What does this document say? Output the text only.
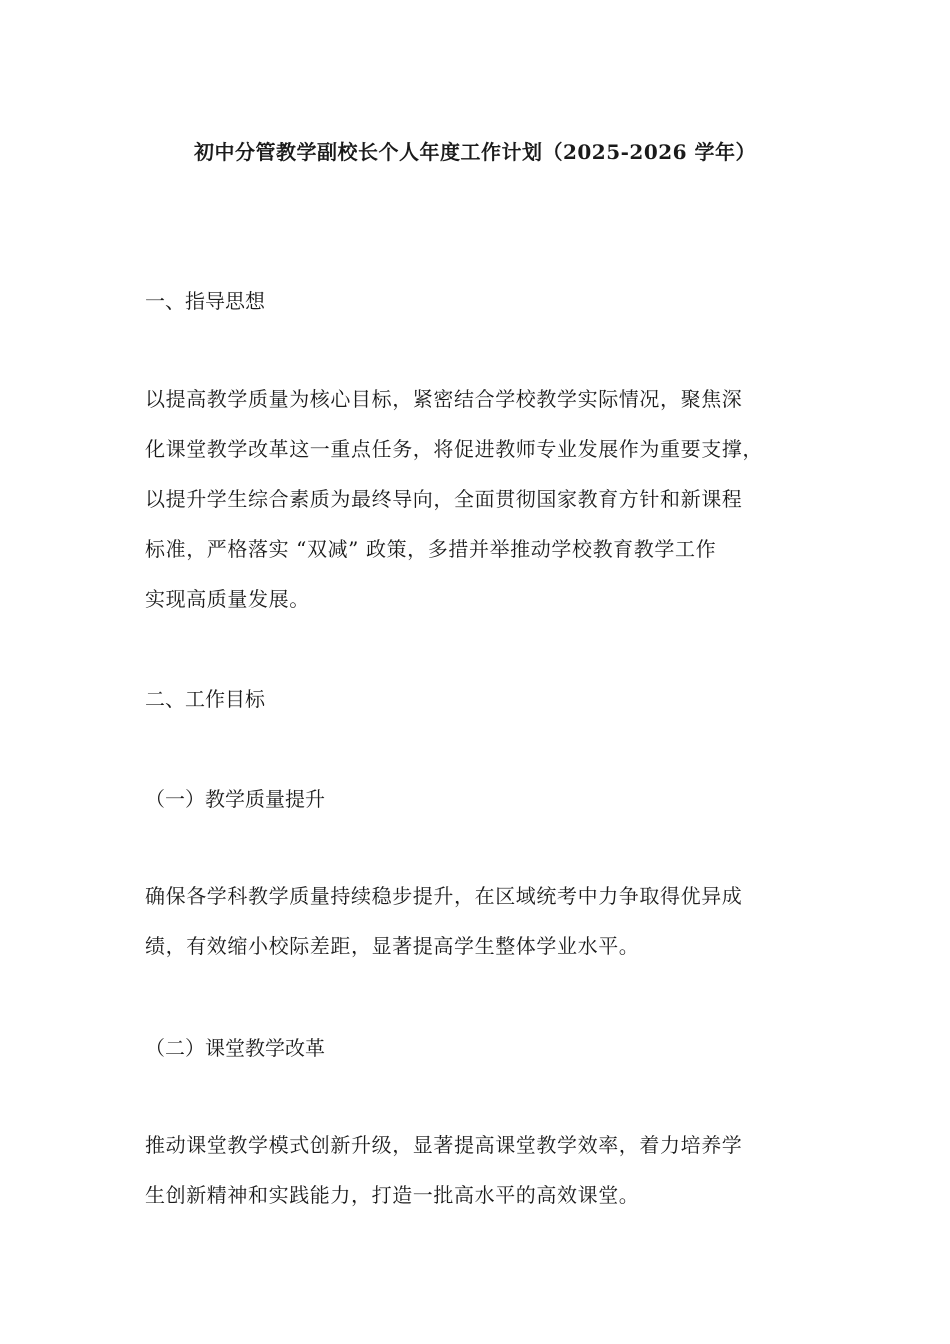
初中分管教学副校长个人年度工作计划（2025-2026 学年）
一、指导思想
以提高教学质量为核心目标，紧密结合学校教学实际情况，聚焦深
化课堂教学改革这一重点任务，将促进教师专业发展作为重要支撑，
以提升学生综合素质为最终导向，全面贯彻国家教育方针和新课程
标准，严格落实 “双减” 政策，多措并举推动学校教育教学工作
实现高质量发展。
二、工作目标
（一）教学质量提升
确保各学科教学质量持续稳步提升，在区域统考中力争取得优异成
绩，有效缩小校际差距，显著提高学生整体学业水平。
（二）课堂教学改革
推动课堂教学模式创新升级，显著提高课堂教学效率，着力培养学
生创新精神和实践能力，打造一批高水平的高效课堂。
